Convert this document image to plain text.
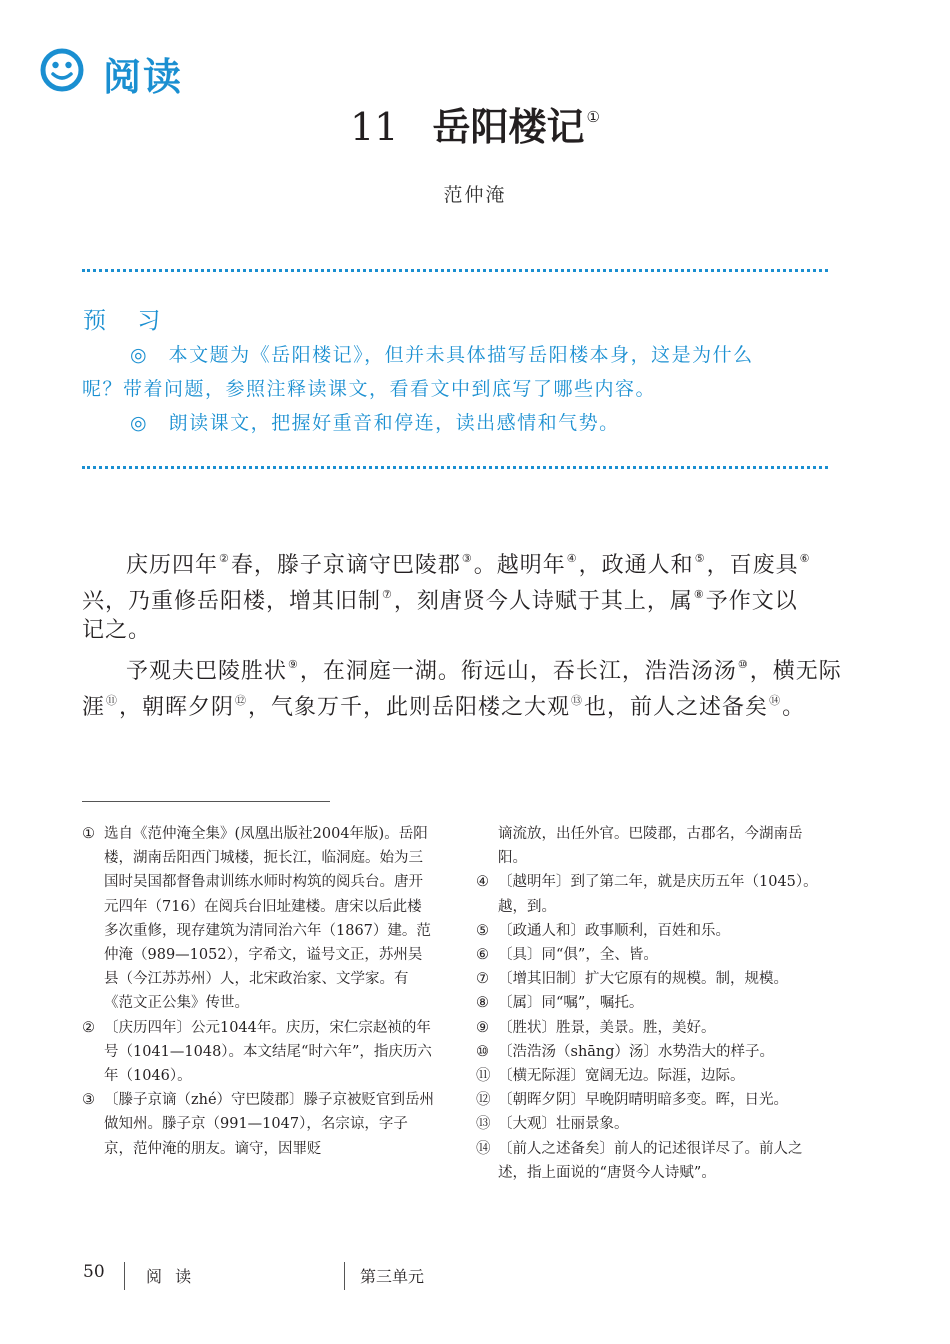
阅读
11 岳阳楼记 ①
范仲淹
预 习
◎　本文题为《岳阳楼记》，但并未具体描写岳阳楼本身，这是为什么
呢？带着问题，参照注释读课文，看看文中到底写了哪些内容。
◎　朗读课文，把握好重音和停连，读出感情和气势。
庆历四年②春，滕子京谪守巴陵郡③。越明年④，政通人和⑤，百废具⑥
兴，乃重修岳阳楼，增其旧制⑦，刻唐贤今人诗赋于其上，属⑧予作文以
记之。
予观夫巴陵胜状⑨，在洞庭一湖。衔远山，吞长江，浩浩汤汤⑩，横无际
涯⑪，朝晖夕阴⑫，气象万千，此则岳阳楼之大观⑬也，前人之述备矣⑭。
① 选自《范仲淹全集》(凤凰出版社2004年版)。岳阳楼，湖南岳阳西门城楼，扼长江，临洞庭。始为三国时吴国都督鲁肃训练水师时构筑的阅兵台。唐开元四年（716）在阅兵台旧址建楼。唐宋以后此楼多次重修，现存建筑为清同治六年（1867）建。范仲淹（989—1052），字希文，谥号文正，苏州吴县（今江苏苏州）人，北宋政治家、文学家。有《范文正公集》传世。
② 〔庆历四年〕公元1044年。庆历，宋仁宗赵祯的年号（1041—1048）。本文结尾“时六年”，指庆历六年（1046）。
③ 〔滕子京谪（zhé）守巴陵郡〕滕子京被贬官到岳州做知州。滕子京（991—1047），名宗谅，字子京，范仲淹的朋友。谪守，因罪贬
谪流放，出任外官。巴陵郡，古郡名，今湖南岳阳。
④ 〔越明年〕到了第二年，就是庆历五年（1045）。越，到。
⑤ 〔政通人和〕政事顺利，百姓和乐。
⑥ 〔具〕同“俱”，全、皆。
⑦ 〔增其旧制〕扩大它原有的规模。制，规模。
⑧ 〔属〕同“嘱”，嘱托。
⑨ 〔胜状〕胜景，美景。胜，美好。
⑩ 〔浩浩汤（shāng）汤〕水势浩大的样子。
⑪ 〔横无际涯〕宽阔无边。际涯，边际。
⑫ 〔朝晖夕阴〕早晚阴晴明暗多变。晖，日光。
⑬ 〔大观〕壮丽景象。
⑭ 〔前人之述备矣〕前人的记述很详尽了。前人之述，指上面说的“唐贤今人诗赋”。
50	阅 读	第三单元
